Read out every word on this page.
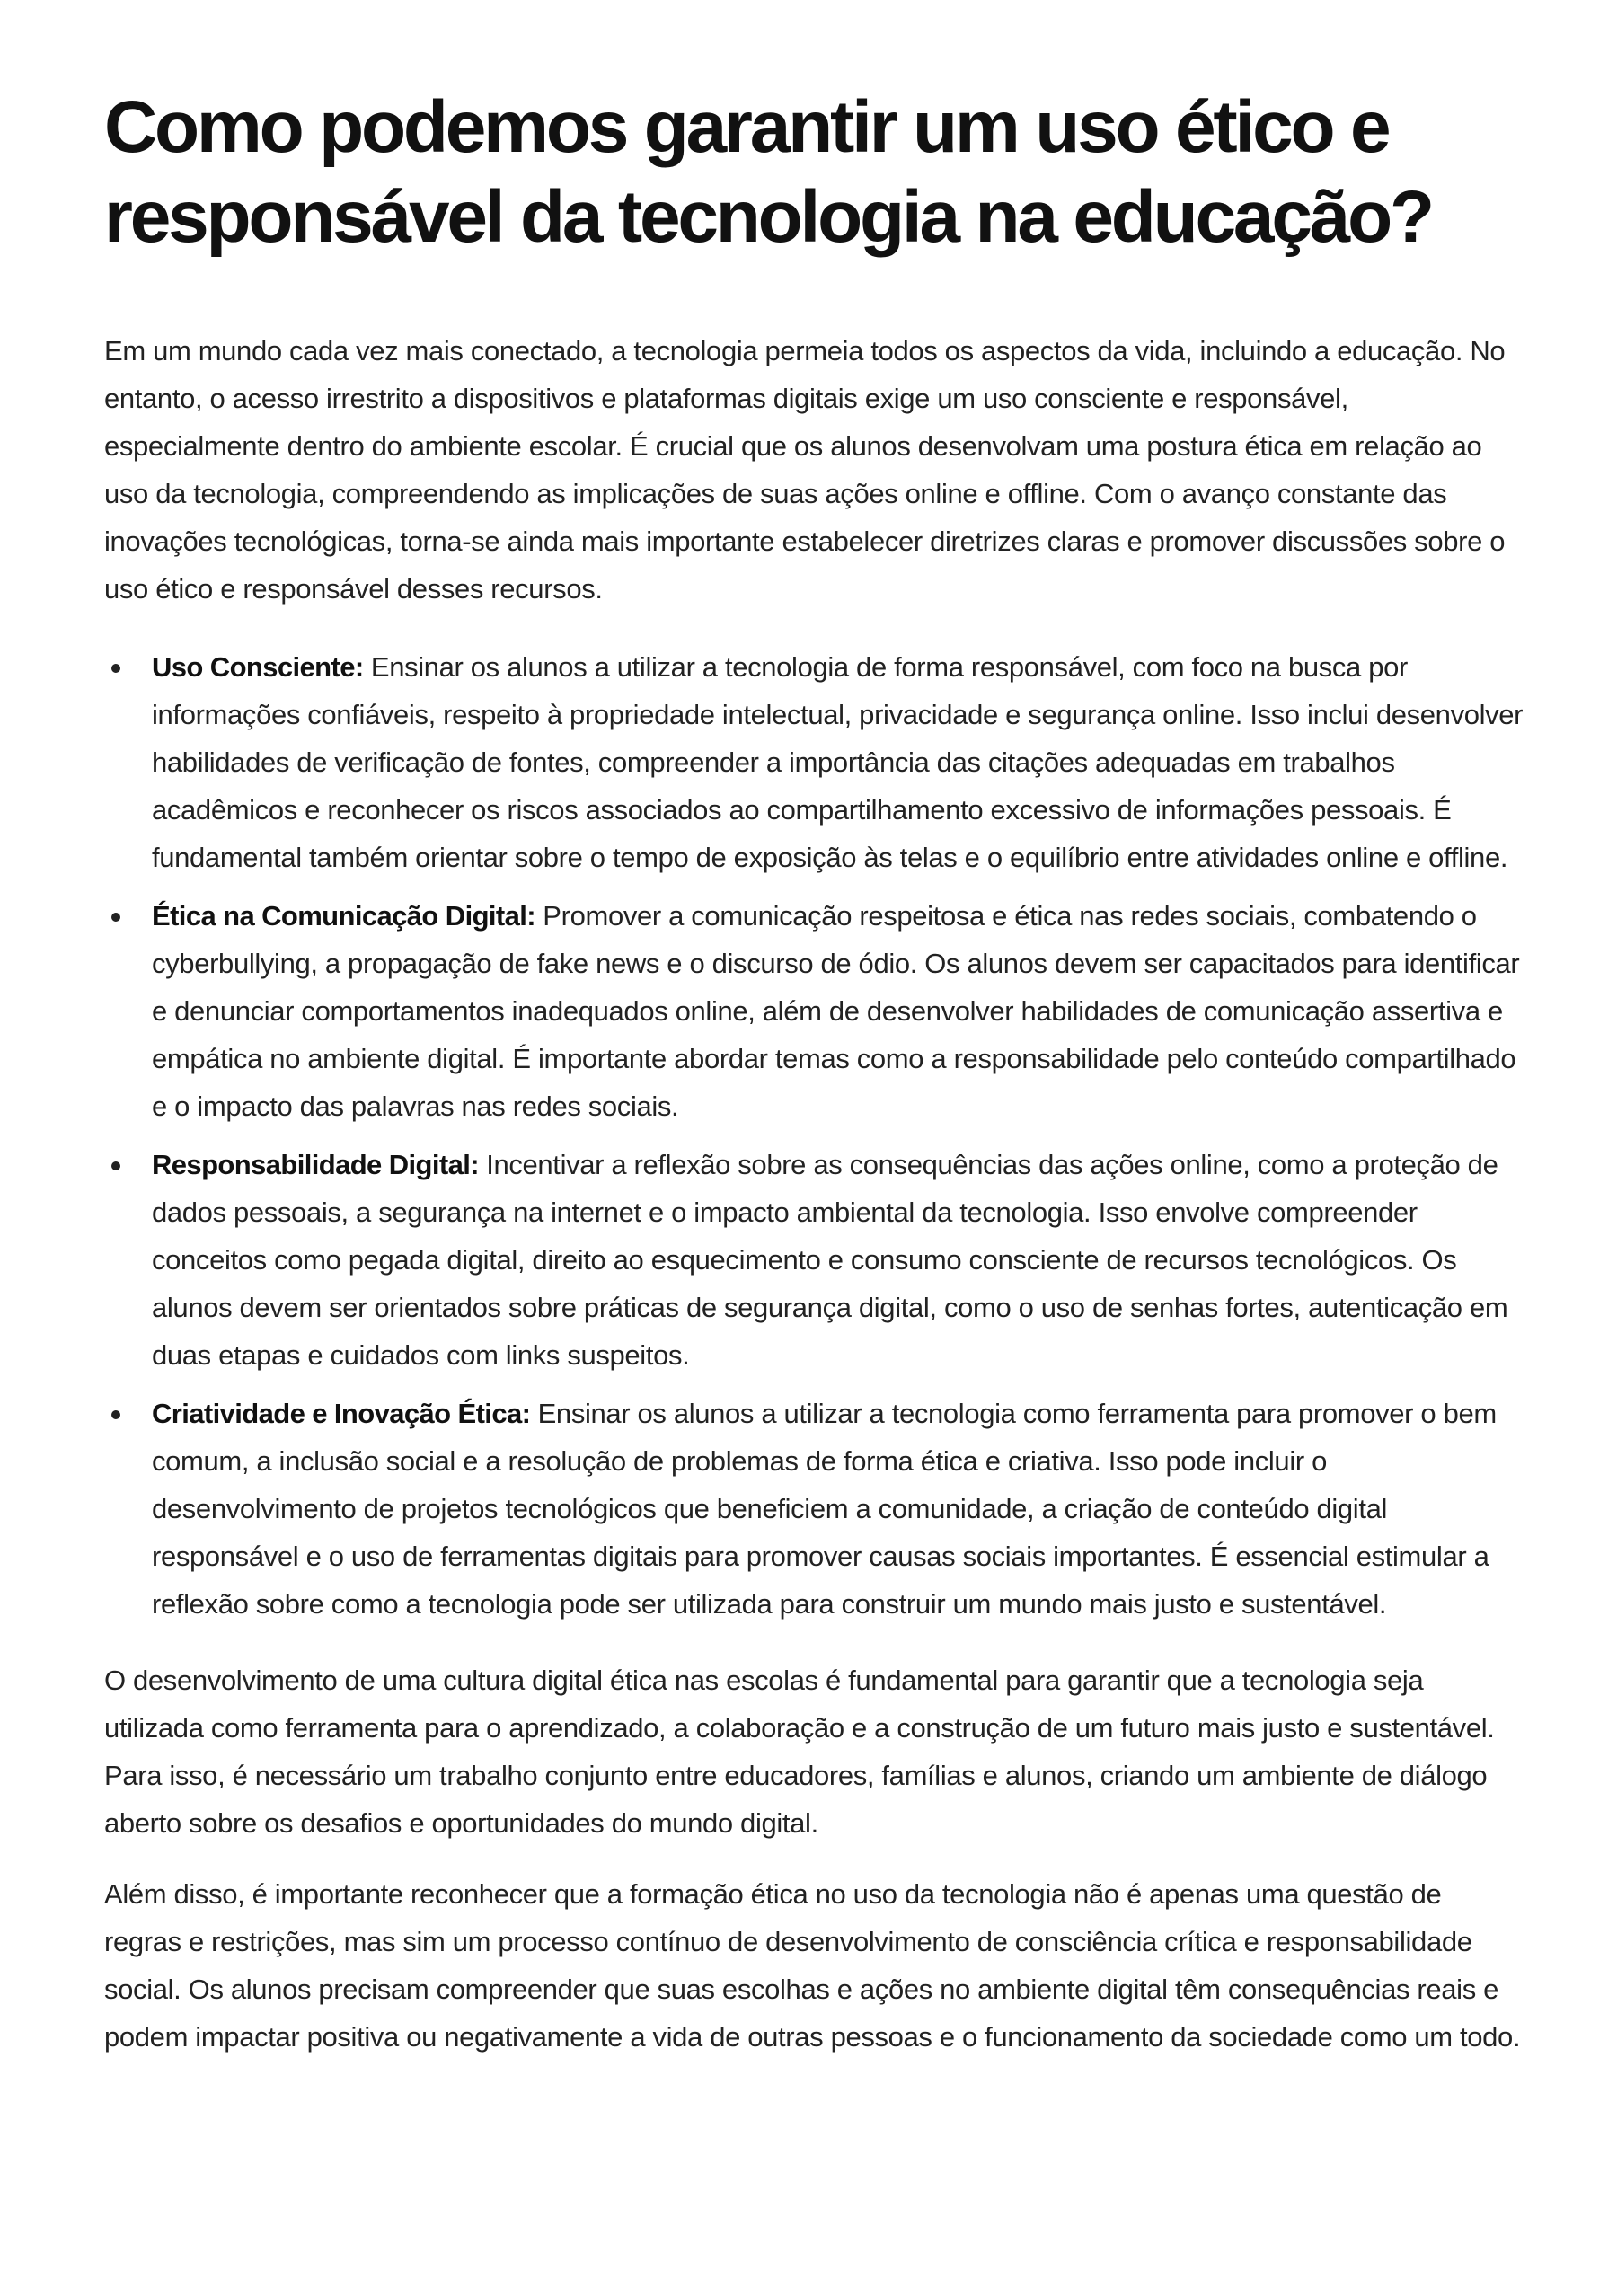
Como podemos garantir um uso ético e responsável da tecnologia na educação?

Em um mundo cada vez mais conectado, a tecnologia permeia todos os aspectos da vida, incluindo a educação. No entanto, o acesso irrestrito a dispositivos e plataformas digitais exige um uso consciente e responsável, especialmente dentro do ambiente escolar. É crucial que os alunos desenvolvam uma postura ética em relação ao uso da tecnologia, compreendendo as implicações de suas ações online e offline. Com o avanço constante das inovações tecnológicas, torna-se ainda mais importante estabelecer diretrizes claras e promover discussões sobre o uso ético e responsável desses recursos.

Uso Consciente: Ensinar os alunos a utilizar a tecnologia de forma responsável, com foco na busca por informações confiáveis, respeito à propriedade intelectual, privacidade e segurança online. Isso inclui desenvolver habilidades de verificação de fontes, compreender a importância das citações adequadas em trabalhos acadêmicos e reconhecer os riscos associados ao compartilhamento excessivo de informações pessoais. É fundamental também orientar sobre o tempo de exposição às telas e o equilíbrio entre atividades online e offline.
Ética na Comunicação Digital: Promover a comunicação respeitosa e ética nas redes sociais, combatendo o cyberbullying, a propagação de fake news e o discurso de ódio. Os alunos devem ser capacitados para identificar e denunciar comportamentos inadequados online, além de desenvolver habilidades de comunicação assertiva e empática no ambiente digital. É importante abordar temas como a responsabilidade pelo conteúdo compartilhado e o impacto das palavras nas redes sociais.
Responsabilidade Digital: Incentivar a reflexão sobre as consequências das ações online, como a proteção de dados pessoais, a segurança na internet e o impacto ambiental da tecnologia. Isso envolve compreender conceitos como pegada digital, direito ao esquecimento e consumo consciente de recursos tecnológicos. Os alunos devem ser orientados sobre práticas de segurança digital, como o uso de senhas fortes, autenticação em duas etapas e cuidados com links suspeitos.
Criatividade e Inovação Ética: Ensinar os alunos a utilizar a tecnologia como ferramenta para promover o bem comum, a inclusão social e a resolução de problemas de forma ética e criativa. Isso pode incluir o desenvolvimento de projetos tecnológicos que beneficiem a comunidade, a criação de conteúdo digital responsável e o uso de ferramentas digitais para promover causas sociais importantes. É essencial estimular a reflexão sobre como a tecnologia pode ser utilizada para construir um mundo mais justo e sustentável.

O desenvolvimento de uma cultura digital ética nas escolas é fundamental para garantir que a tecnologia seja utilizada como ferramenta para o aprendizado, a colaboração e a construção de um futuro mais justo e sustentável. Para isso, é necessário um trabalho conjunto entre educadores, famílias e alunos, criando um ambiente de diálogo aberto sobre os desafios e oportunidades do mundo digital.

Além disso, é importante reconhecer que a formação ética no uso da tecnologia não é apenas uma questão de regras e restrições, mas sim um processo contínuo de desenvolvimento de consciência crítica e responsabilidade social. Os alunos precisam compreender que suas escolhas e ações no ambiente digital têm consequências reais e podem impactar positiva ou negativamente a vida de outras pessoas e o funcionamento da sociedade como um todo.
